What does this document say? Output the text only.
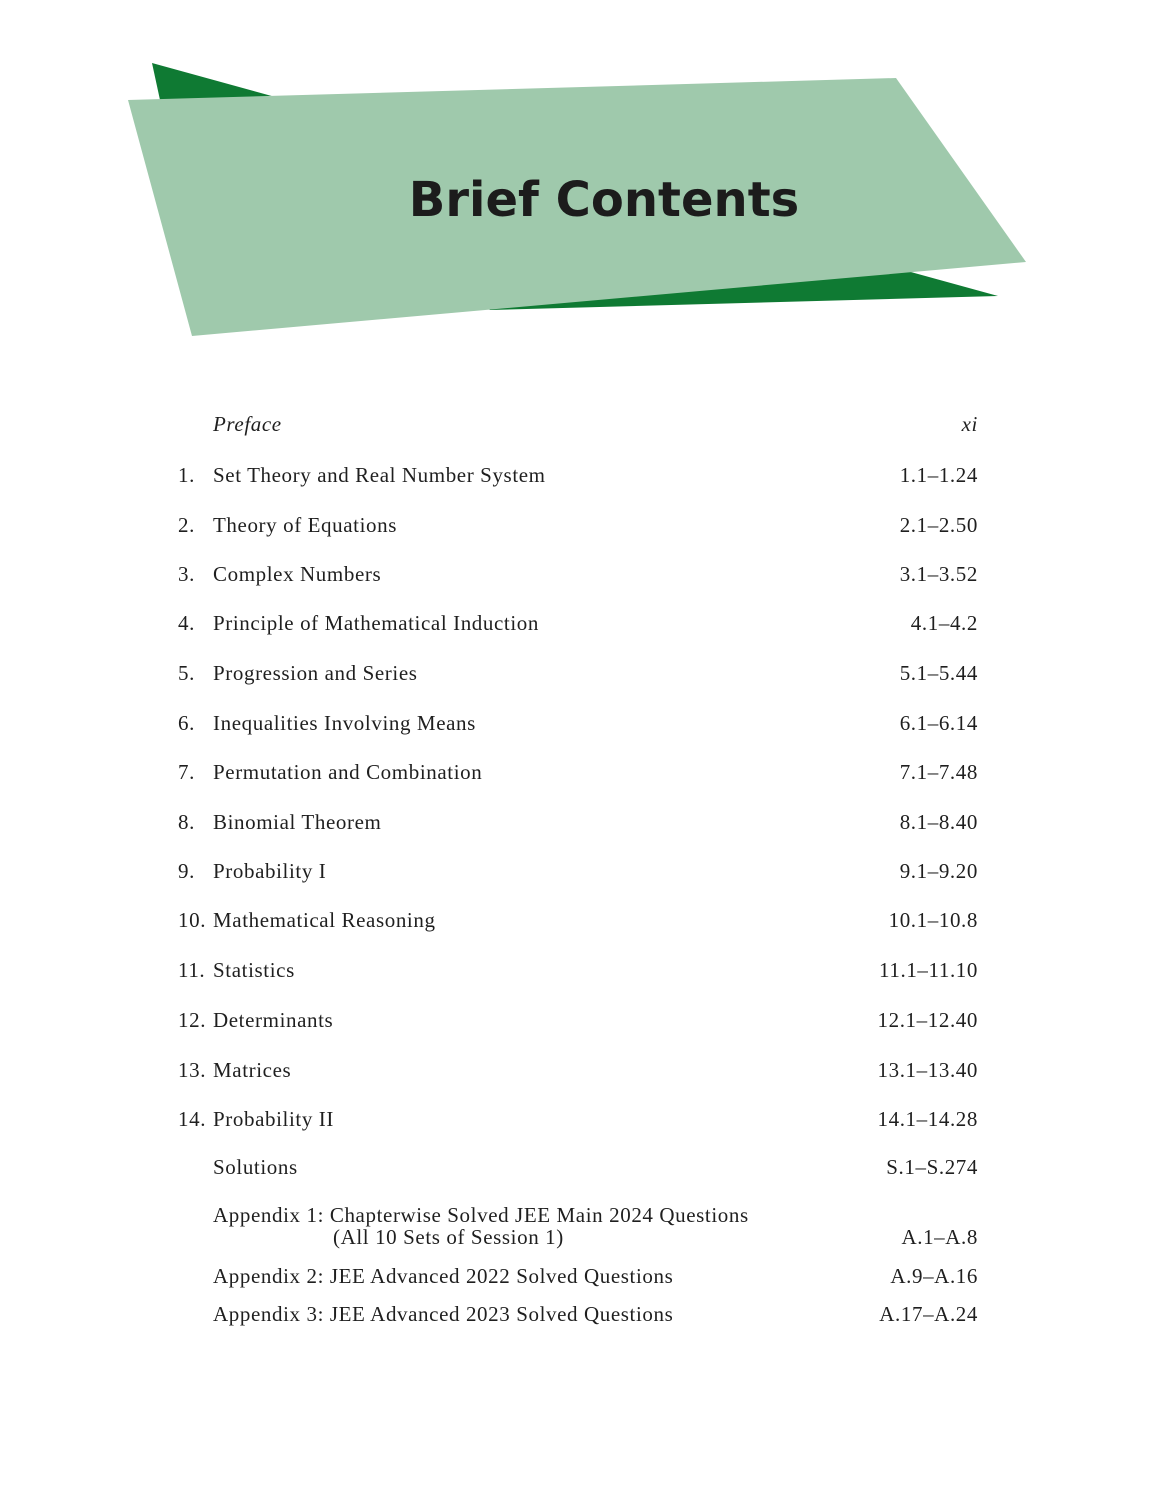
Brief Contents
Preface	xi
1. Set Theory and Real Number System	1.1–1.24
2. Theory of Equations	2.1–2.50
3. Complex Numbers	3.1–3.52
4. Principle of Mathematical Induction	4.1–4.2
5. Progression and Series	5.1–5.44
6. Inequalities Involving Means	6.1–6.14
7. Permutation and Combination	7.1–7.48
8. Binomial Theorem	8.1–8.40
9. Probability I	9.1–9.20
10. Mathematical Reasoning	10.1–10.8
11. Statistics	11.1–11.10
12. Determinants	12.1–12.40
13. Matrices	13.1–13.40
14. Probability II	14.1–14.28
Solutions	S.1–S.274
Appendix 1: Chapterwise Solved JEE Main 2024 Questions
(All 10 Sets of Session 1)	A.1–A.8
Appendix 2: JEE Advanced 2022 Solved Questions	A.9–A.16
Appendix 3: JEE Advanced 2023 Solved Questions	A.17–A.24
